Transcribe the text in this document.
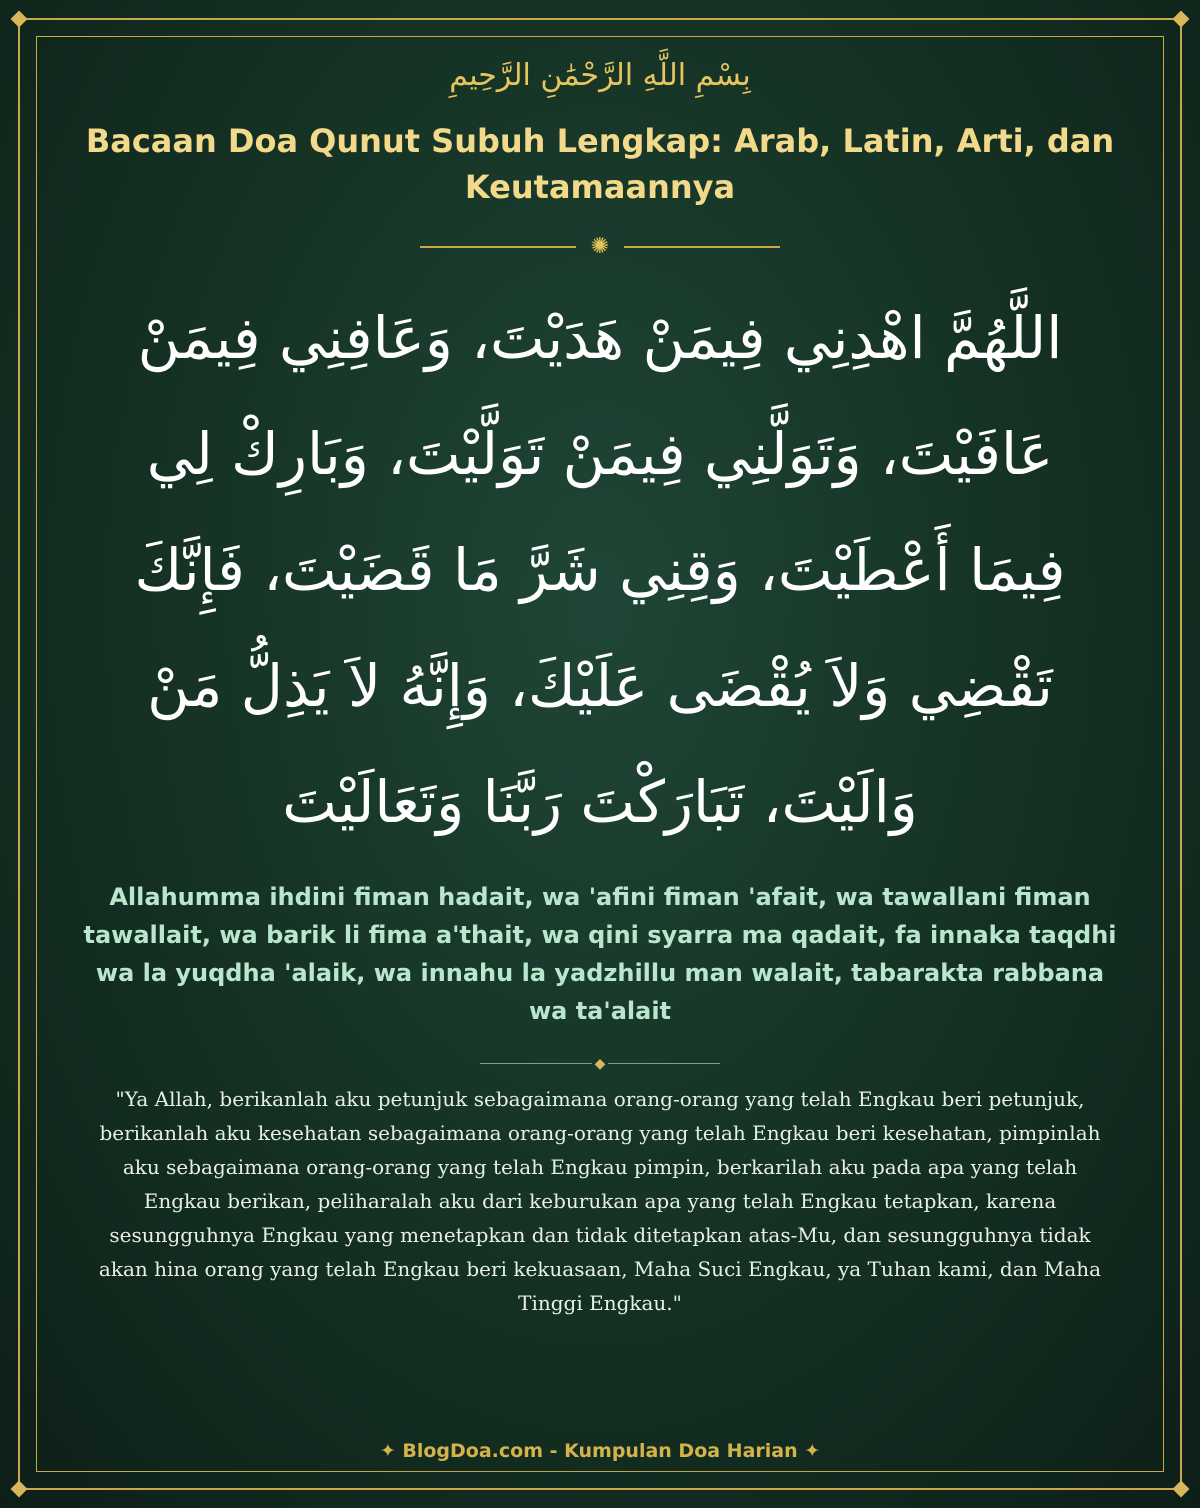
بِسْمِ اللَّهِ الرَّحْمَٰنِ الرَّحِيمِ
Bacaan Doa Qunut Subuh Lengkap: Arab, Latin, Arti, dan Keutamaannya
✺
اللَّهُمَّ اهْدِنِي فِيمَنْ هَدَيْتَ، وَعَافِنِي فِيمَنْ عَافَيْتَ، وَتَوَلَّنِي فِيمَنْ تَوَلَّيْتَ، وَبَارِكْ لِي فِيمَا أَعْطَيْتَ، وَقِنِي شَرَّ مَا قَضَيْتَ، فَإِنَّكَ تَقْضِي وَلاَ يُقْضَى عَلَيْكَ، وَإِنَّهُ لاَ يَذِلُّ مَنْ وَالَيْتَ، تَبَارَكْتَ رَبَّنَا وَتَعَالَيْتَ
Allahumma ihdini fiman hadait, wa 'afini fiman 'afait, wa tawallani fiman tawallait, wa barik li fima a'thait, wa qini syarra ma qadait, fa innaka taqdhi wa la yuqdha 'alaik, wa innahu la yadzhillu man walait, tabarakta rabbana wa ta'alait
◆
"Ya Allah, berikanlah aku petunjuk sebagaimana orang-orang yang telah Engkau beri petunjuk, berikanlah aku kesehatan sebagaimana orang-orang yang telah Engkau beri kesehatan, pimpinlah aku sebagaimana orang-orang yang telah Engkau pimpin, berkarilah aku pada apa yang telah Engkau berikan, peliharalah aku dari keburukan apa yang telah Engkau tetapkan, karena sesungguhnya Engkau yang menetapkan dan tidak ditetapkan atas-Mu, dan sesungguhnya tidak akan hina orang yang telah Engkau beri kekuasaan, Maha Suci Engkau, ya Tuhan kami, dan Maha Tinggi Engkau."
✦ BlogDoa.com - Kumpulan Doa Harian ✦
